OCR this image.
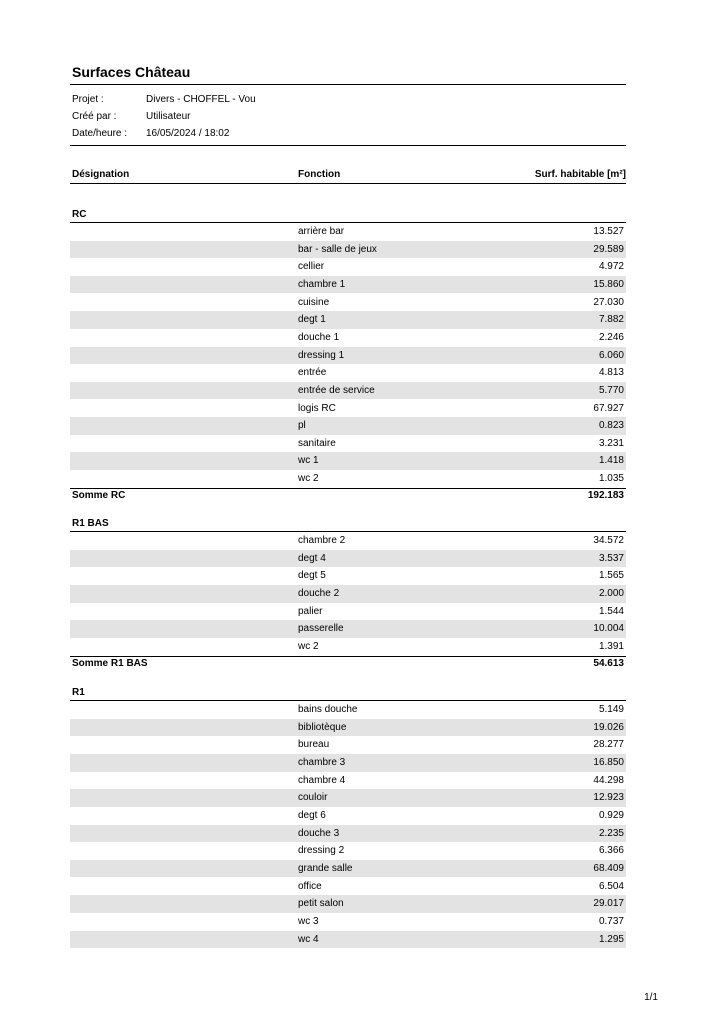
Surfaces Château
Projet :	Divers - CHOFFEL - Vou
Créé par :	Utilisateur
Date/heure :	16/05/2024 / 18:02
Désignation	Fonction	Surf. habitable [m²]
RC
arrière bar	13.527
bar - salle de jeux	29.589
cellier	4.972
chambre 1	15.860
cuisine	27.030
degt 1	7.882
douche 1	2.246
dressing 1	6.060
entrée	4.813
entrée de service	5.770
logis RC	67.927
pl	0.823
sanitaire	3.231
wc 1	1.418
wc 2	1.035
Somme RC	192.183
R1 BAS
chambre 2	34.572
degt 4	3.537
degt 5	1.565
douche 2	2.000
palier	1.544
passerelle	10.004
wc 2	1.391
Somme R1 BAS	54.613
R1
bains douche	5.149
bibliotèque	19.026
bureau	28.277
chambre 3	16.850
chambre 4	44.298
couloir	12.923
degt 6	0.929
douche 3	2.235
dressing 2	6.366
grande salle	68.409
office	6.504
petit salon	29.017
wc 3	0.737
wc 4	1.295
1/1
